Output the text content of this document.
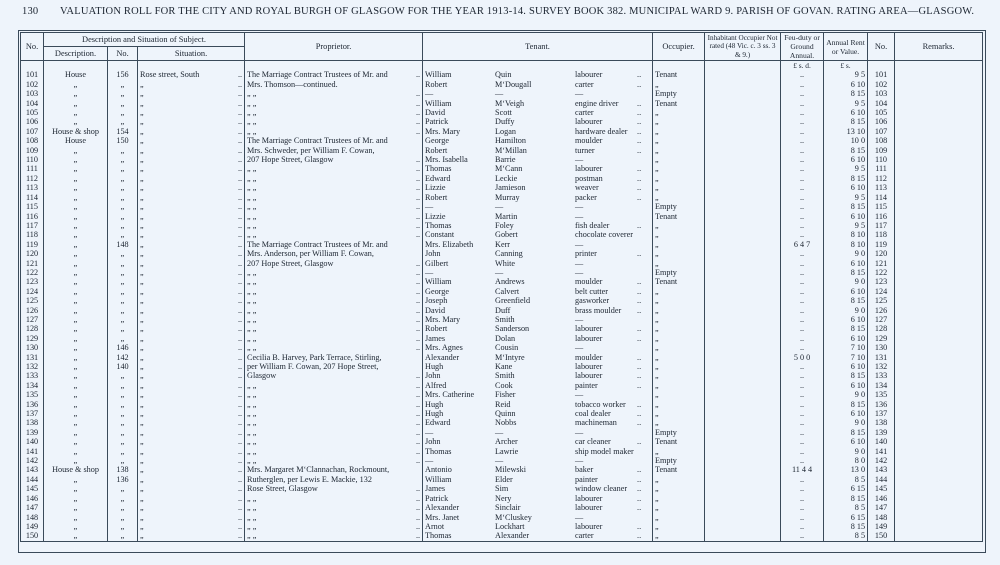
130 VALUATION ROLL FOR THE CITY AND ROYAL BURGH OF GLASGOW FOR THE YEAR 1913-14. SURVEY BOOK 382. MUNICIPAL WARD 9. PARISH OF GOVAN. RATING AREA—GLASGOW.
No.	Description and Situation of Subject.			Proprietor.	Tenant.	Occupier.	Inhabitant Occupier Not rated (48 Vic. c. 3 ss. 3 & 9.)	Feu-duty or Ground Annual.	Annual Rent or Value.	No.	Remarks.
	Description.	No.	Situation.								
								£ s. d.	£ s.		
101	House	156	Rose street, South ..	The Marriage Contract Trustees of Mr. and ..	William Quin labourer ..	Tenant		..	9 5	101	
102	„	„	„ ..	Mrs. Thomson—continued.	Robert MʻDougall carter ..	„		..	6 10	102	
103	„	„	„ ..	„ „ ..	— — —	Empty		..	8 15	103	
104	„	„	„ ..	„ „ ..	William MʻVeigh engine driver ..	Tenant		..	9 5	104	
105	„	„	„ ..	„ „ ..	David Scott carter ..	„		..	6 10	105	
106	„	„	„ ..	„ „ ..	Patrick Duffy labourer ..	„		..	8 15	106	
107	House & shop	154	„ ..	„ „ ..	Mrs. Mary Logan hardware dealer ..	„		..	13 10	107	
108	House	150	„ ..	The Marriage Contract Trustees of Mr. and	George Hamilton moulder ..	„		..	10 0	108	
109	„	„	„ ..	Mrs. Schweder, per William F. Cowan,	Robert MʻMillan turner ..	„		..	8 15	109	
110	„	„	„ ..	207 Hope Street, Glasgow ..	Mrs. Isabella Barrie —	„		..	6 10	110	
111	„	„	„ ..	„ „ ..	Thomas MʻCann labourer ..	„		..	9 5	111	
112	„	„	„ ..	„ „ ..	Edward Leckie postman ..	„		..	8 15	112	
113	„	„	„ ..	„ „ ..	Lizzie Jamieson weaver ..	„		..	6 10	113	
114	„	„	„ ..	„ „ ..	Robert Murray packer ..	„		..	9 5	114	
115	„	„	„ ..	„ „ ..	— — —	Empty		..	8 15	115	
116	„	„	„ ..	„ „ ..	Lizzie Martin —	Tenant		..	6 10	116	
117	„	„	„ ..	„ „ ..	Thomas Foley fish dealer ..	„		..	9 5	117	
118	„	„	„ ..	„ „ ..	Constant Gobert chocolate coverer	„		..	8 10	118	
119	„	148	„ ..	The Marriage Contract Trustees of Mr. and	Mrs. Elizabeth Kerr —	„		6 4 7	8 10	119	
120	„	„	„ ..	Mrs. Anderson, per William F. Cowan,	John Canning printer ..	„		..	9 0	120	
121	„	„	„ ..	207 Hope Street, Glasgow ..	Gilbert White —	„		..	6 10	121	
122	„	„	„ ..	„ „ ..	— — —	Empty		..	8 15	122	
123	„	„	„ ..	„ „ ..	William Andrews moulder ..	Tenant		..	9 0	123	
124	„	„	„ ..	„ „ ..	George Calvert belt cutter ..	„		..	6 10	124	
125	„	„	„ ..	„ „ ..	Joseph Greenfield gasworker ..	„		..	8 15	125	
126	„	„	„ ..	„ „ ..	David Duff brass moulder ..	„		..	9 0	126	
127	„	„	„ ..	„ „ ..	Mrs. Mary Smith —	„		..	6 10	127	
128	„	„	„ ..	„ „ ..	Robert Sanderson labourer ..	„		..	8 15	128	
129	„	„	„ ..	„ „ ..	James Dolan labourer ..	„		..	6 10	129	
130	„	146	„ ..	„ „ ..	Mrs. Agnes Cousin —	„		..	7 10	130	
131	„	142	„ ..	Cecilia B. Harvey, Park Terrace, Stirling,	Alexander MʻIntyre moulder ..	„		5 0 0	7 10	131	
132	„	140	„ ..	per William F. Cowan, 207 Hope Street,	Hugh Kane labourer ..	„		..	6 10	132	
133	„	„	„ ..	Glasgow ..	John Smith labourer ..	„		..	8 15	133	
134	„	„	„ ..	„ „ ..	Alfred Cook painter ..	„		..	6 10	134	
135	„	„	„ ..	„ „ ..	Mrs. Catherine Fisher —	„		..	9 0	135	
136	„	„	„ ..	„ „ ..	Hugh Reid tobacco worker ..	„		..	8 15	136	
137	„	„	„ ..	„ „ ..	Hugh Quinn coal dealer ..	„		..	6 10	137	
138	„	„	„ ..	„ „ ..	Edward Nobbs machineman ..	„		..	9 0	138	
139	„	„	„ ..	„ „ ..	— — —	Empty		..	8 15	139	
140	„	„	„ ..	„ „ ..	John Archer car cleaner ..	Tenant		..	6 10	140	
141	„	„	„ ..	„ „ ..	Thomas Lawrie ship model maker	„		..	9 0	141	
142	„	„	„ ..	„ „ ..	— — —	Empty		..	8 0	142	
143	House & shop	138	„ ..	Mrs. Margaret MʻClannachan, Rockmount,	Antonio Milewski baker ..	Tenant		11 4 4	13 0	143	
144	„	136	„ ..	Rutherglen, per Lewis E. Mackie, 132	William Elder painter ..	„		..	8 5	144	
145	„	„	„ ..	Rose Street, Glasgow ..	James Sim window cleaner ..	„		..	6 15	145	
146	„	„	„ ..	„ „ ..	Patrick Nery labourer ..	„		..	8 15	146	
147	„	„	„ ..	„ „ ..	Alexander Sinclair labourer ..	„		..	8 5	147	
148	„	„	„ ..	„ „ ..	Mrs. Janet MʻCluskey —	„		..	6 15	148	
149	„	„	„ ..	„ „ ..	Arnot Lockhart labourer ..	„		..	8 15	149	
150	„	„	„ ..	„ „ ..	Thomas Alexander carter ..	„		..	8 5	150	
